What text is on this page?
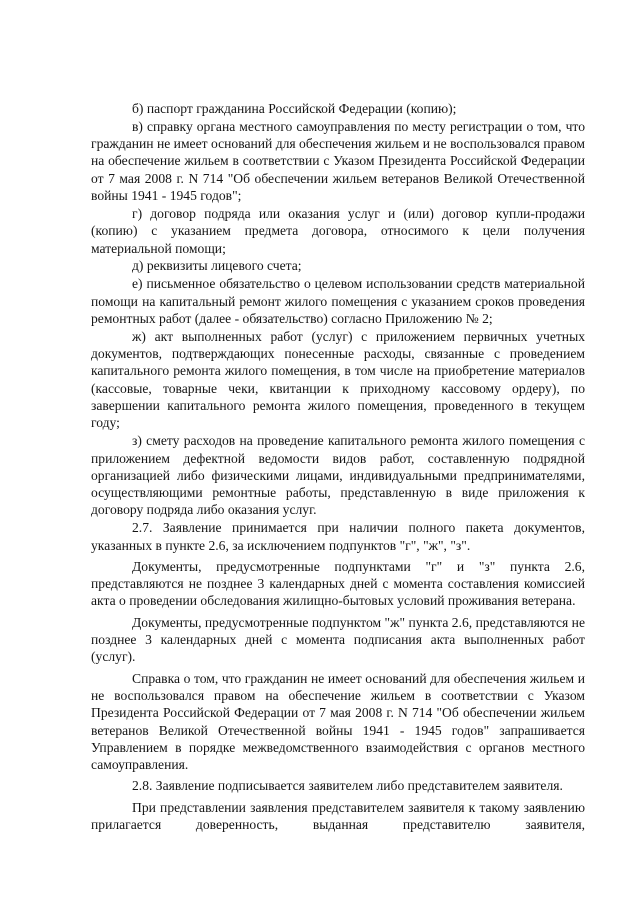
б) паспорт гражданина Российской Федерации (копию);

в) справку органа местного самоуправления по месту регистрации о том, что гражданин не имеет оснований для обеспечения жильем и не воспользовался правом на обеспечение жильем в соответствии с Указом Президента Российской Федерации от 7 мая 2008 г. N 714 "Об обеспечении жильем ветеранов Великой Отечественной войны 1941 - 1945 годов";

г) договор подряда или оказания услуг и (или) договор купли-продажи (копию) с указанием предмета договора, относимого к цели получения материальной помощи;

д) реквизиты лицевого счета;

е) письменное обязательство о целевом использовании средств материальной помощи на капитальный ремонт жилого помещения с указанием сроков проведения ремонтных работ (далее - обязательство) согласно Приложению № 2;

ж) акт выполненных работ (услуг) с приложением первичных учетных документов, подтверждающих понесенные расходы, связанные с проведением капитального ремонта жилого помещения, в том числе на приобретение материалов (кассовые, товарные чеки, квитанции к приходному кассовому ордеру), по завершении капитального ремонта жилого помещения, проведенного в текущем году;

з) смету расходов на проведение капитального ремонта жилого помещения с приложением дефектной ведомости видов работ, составленную подрядной организацией либо физическими лицами, индивидуальными предпринимателями, осуществляющими ремонтные работы, представленную в виде приложения к договору подряда либо оказания услуг.

2.7. Заявление принимается при наличии полного пакета документов, указанных в пункте 2.6, за исключением подпунктов "г", "ж", "з".

Документы, предусмотренные подпунктами "г" и "з" пункта 2.6, представляются не позднее 3 календарных дней с момента составления комиссией акта о проведении обследования жилищно-бытовых условий проживания ветерана.

Документы, предусмотренные подпунктом "ж" пункта 2.6, представляются не позднее 3 календарных дней с момента подписания акта выполненных работ (услуг).

Справка о том, что гражданин не имеет оснований для обеспечения жильем и не воспользовался правом на обеспечение жильем в соответствии с Указом Президента Российской Федерации от 7 мая 2008 г. N 714 "Об обеспечении жильем ветеранов Великой Отечественной войны 1941 - 1945 годов" запрашивается Управлением в порядке межведомственного взаимодействия с органов местного самоуправления.

2.8. Заявление подписывается заявителем либо представителем заявителя.

При представлении заявления представителем заявителя к такому заявлению прилагается доверенность, выданная представителю заявителя,
